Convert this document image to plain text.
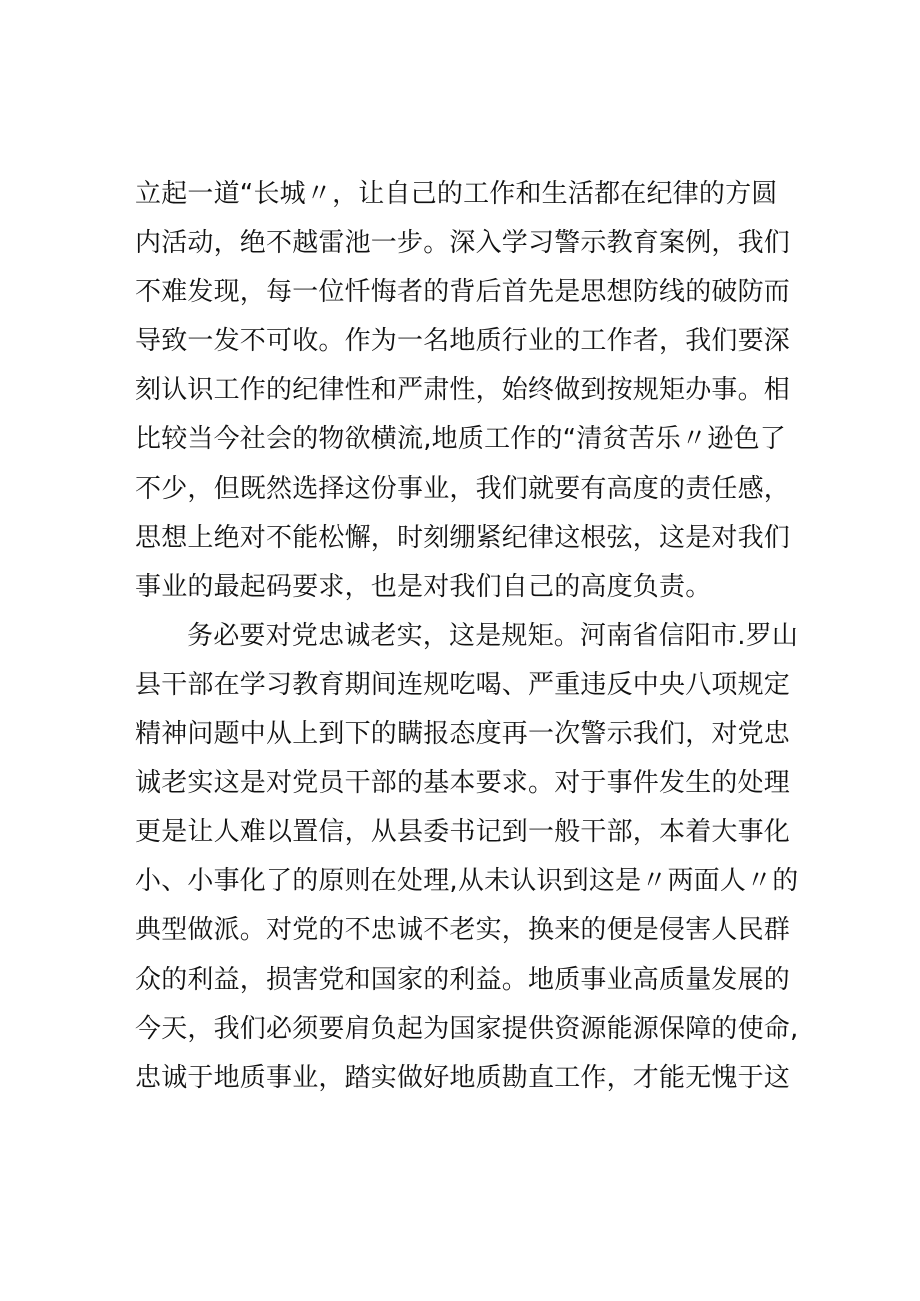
立起一道“长城〃，让自己的工作和生活都在纪律的方圆
内活动，绝不越雷池一步。深入学习警示教育案例，我们
不难发现，每一位忏悔者的背后首先是思想防线的破防而
导致一发不可收。作为一名地质行业的工作者，我们要深
刻认识工作的纪律性和严肃性，始终做到按规矩办事。相
比较当今社会的物欲横流,地质工作的“清贫苦乐〃逊色了
不少，但既然选择这份事业，我们就要有高度的责任感，
思想上绝对不能松懈，时刻绷紧纪律这根弦，这是对我们
事业的最起码要求，也是对我们自己的高度负责。
务必要对党忠诚老实，这是规矩。河南省信阳市.罗山
县干部在学习教育期间连规吃喝、严重违反中央八项规定
精神问题中从上到下的瞒报态度再一次警示我们，对党忠
诚老实这是对党员干部的基本要求。对于事件发生的处理
更是让人难以置信，从县委书记到一般干部，本着大事化
小、小事化了的原则在处理,从未认识到这是〃两面人〃的
典型做派。对党的不忠诚不老实，换来的便是侵害人民群
众的利益，损害党和国家的利益。地质事业高质量发展的
今天，我们必须要肩负起为国家提供资源能源保障的使命,
忠诚于地质事业，踏实做好地质勘直工作，才能无愧于这
